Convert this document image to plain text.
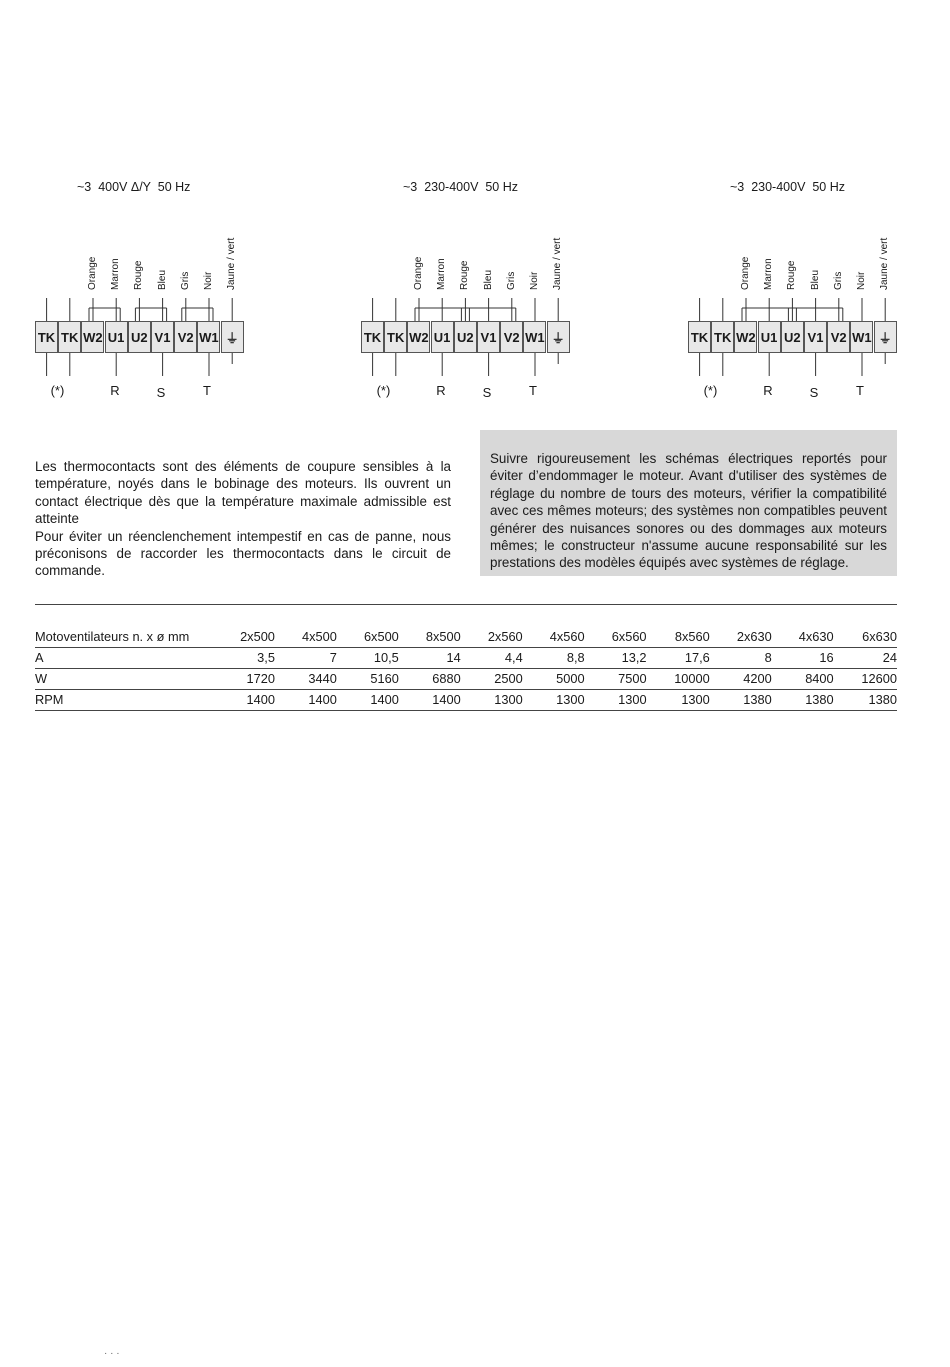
~3  400V Δ/Y  50 Hz
TK TK W2 U1 U2 V1 V2 W1 ⏚
Orange Marron Rouge Bleu Gris Noir Jaune / vert
(*)	R	S	T
~3  230-400V  50 Hz
TK TK W2 U1 U2 V1 V2 W1 ⏚
Orange Marron Rouge Bleu Gris Noir Jaune / vert
(*)	R	S	T
~3  230-400V  50 Hz
TK TK W2 U1 U2 V1 V2 W1 ⏚
Orange Marron Rouge Bleu Gris Noir Jaune / vert
(*)	R	S	T
Les thermocontacts sont des éléments de coupure sensibles à la température, noyés dans le bobinage des moteurs. Ils ouvrent un contact électrique dès que la température maximale admissible est atteinte
Pour éviter un réenclenchement intempestif en cas de panne, nous préconisons de raccorder les thermocontacts dans le circuit de commande.

Suivre rigoureusement les schémas électriques reportés pour éviter d’endommager le moteur. Avant d'utiliser des systèmes de réglage du nombre de tours des moteurs, vérifier la compatibilité avec ces mêmes moteurs; des systèmes non compatibles peuvent générer des nuisances sonores ou des dommages aux moteurs mêmes; le constructeur n'assume aucune responsabilité sur les prestations des modèles équipés avec systèmes de réglage.

Motoventilateurs n. x ø mm	2x500	4x500	6x500	8x500	2x560	4x560	6x560	8x560	2x630	4x630	6x630
A	3,5	7	10,5	14	4,4	8,8	13,2	17,6	8	16	24
W	1720	3440	5160	6880	2500	5000	7500	10000	4200	8400	12600
RPM	1400	1400	1400	1400	1300	1300	1300	1300	1380	1380	1380
· · ·
